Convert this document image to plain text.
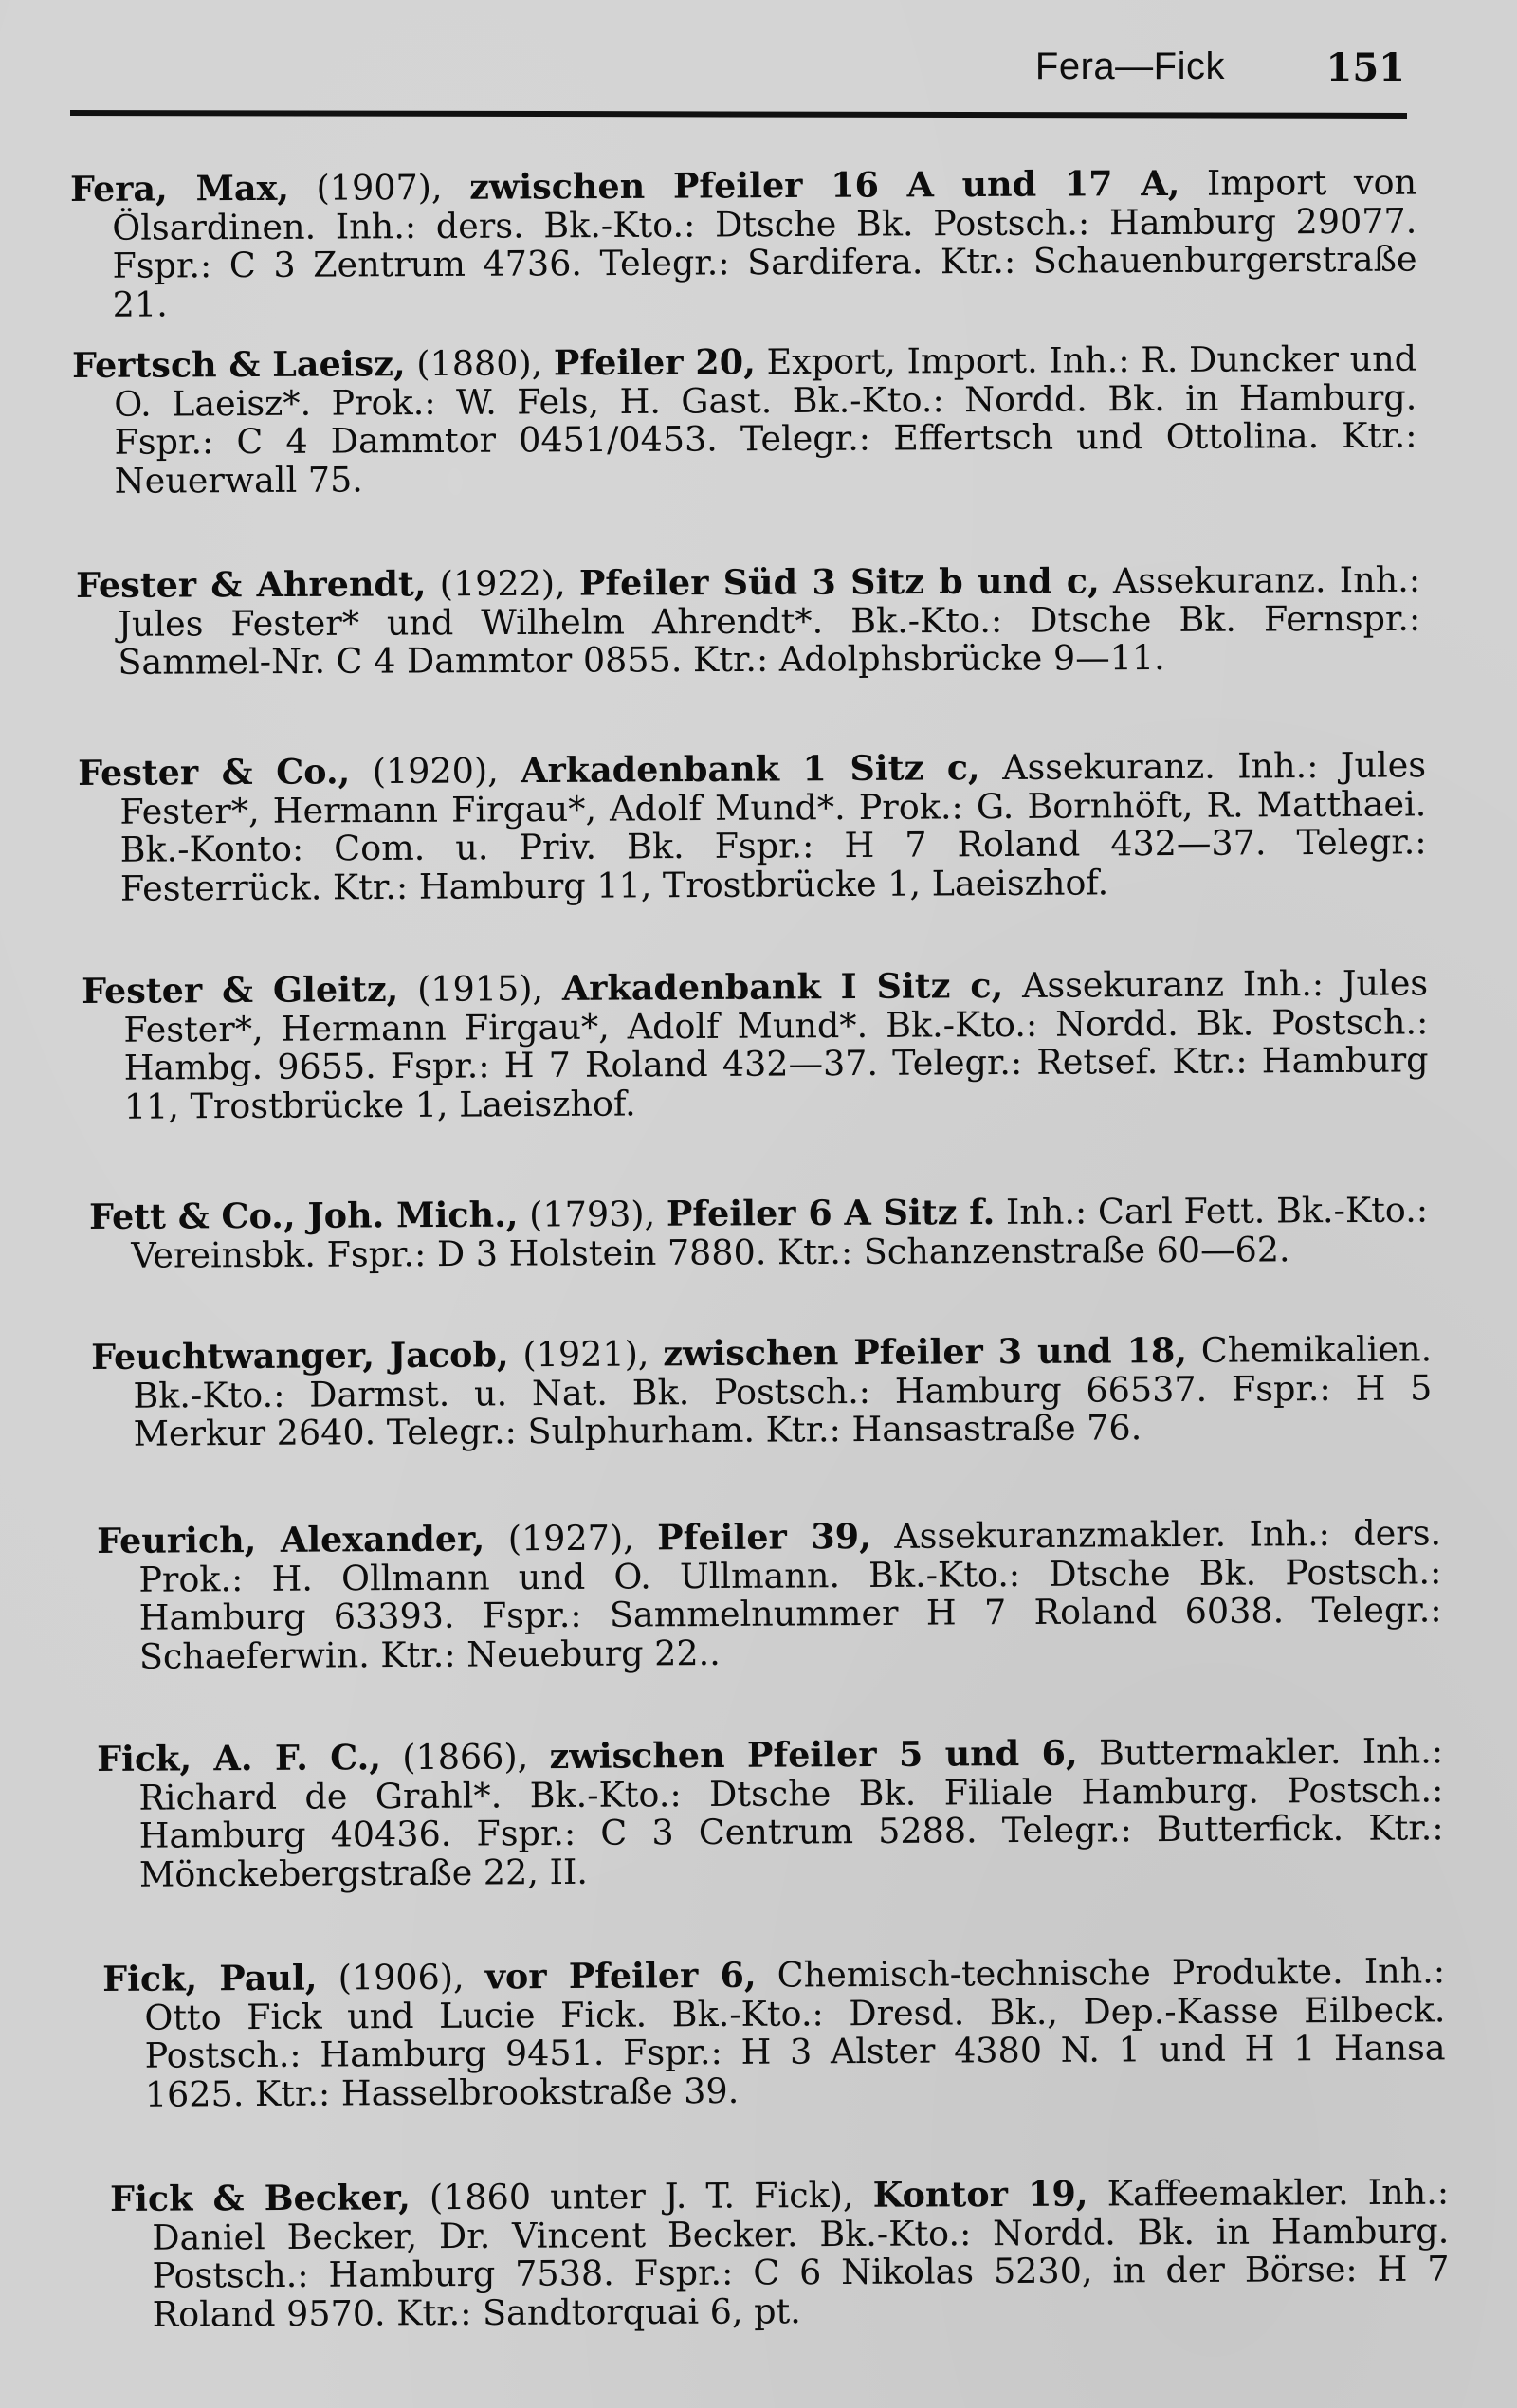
Fera—Fick	151
Fera, Max, (1907), zwischen Pfeiler 16 A und 17 A, Import von Ölsardinen. Inh.: ders. Bk.-Kto.: Dtsche Bk. Postsch.: Hamburg 29077. Fspr.: C 3 Zentrum 4736. Telegr.: Sardifera. Ktr.: Schauenburgerstraße 21.
Fertsch & Laeisz, (1880), Pfeiler 20, Export, Import. Inh.: R. Duncker und O. Laeisz*. Prok.: W. Fels, H. Gast. Bk.-Kto.: Nordd. Bk. in Hamburg. Fspr.: C 4 Dammtor 0451/0453. Telegr.: Effertsch und Ottolina. Ktr.: Neuerwall 75.
Fester & Ahrendt, (1922), Pfeiler Süd 3 Sitz b und c, Assekuranz. Inh.: Jules Fester* und Wilhelm Ahrendt*. Bk.-Kto.: Dtsche Bk. Fernspr.: Sammel-Nr. C 4 Dammtor 0855. Ktr.: Adolphsbrücke 9—11.
Fester & Co., (1920), Arkadenbank 1 Sitz c, Assekuranz. Inh.: Jules Fester*, Hermann Firgau*, Adolf Mund*. Prok.: G. Bornhöft, R. Matthaei. Bk.-Konto: Com. u. Priv. Bk. Fspr.: H 7 Roland 432—37. Telegr.: Festerrück. Ktr.: Hamburg 11, Trostbrücke 1, Laeiszhof.
Fester & Gleitz, (1915), Arkadenbank I Sitz c, Assekuranz Inh.: Jules Fester*, Hermann Firgau*, Adolf Mund*. Bk.-Kto.: Nordd. Bk. Postsch.: Hambg. 9655. Fspr.: H 7 Roland 432—37. Telegr.: Retsef. Ktr.: Hamburg 11, Trostbrücke 1, Laeiszhof.
Fett & Co., Joh. Mich., (1793), Pfeiler 6 A Sitz f. Inh.: Carl Fett. Bk.-Kto.: Vereinsbk. Fspr.: D 3 Holstein 7880. Ktr.: Schanzenstraße 60—62.
Feuchtwanger, Jacob, (1921), zwischen Pfeiler 3 und 18, Chemikalien. Bk.-Kto.: Darmst. u. Nat. Bk. Postsch.: Hamburg 66537. Fspr.: H 5 Merkur 2640. Telegr.: Sulphurham. Ktr.: Hansastraße 76.
Feurich, Alexander, (1927), Pfeiler 39, Assekuranzmakler. Inh.: ders. Prok.: H. Ollmann und O. Ullmann. Bk.-Kto.: Dtsche Bk. Postsch.: Hamburg 63393. Fspr.: Sammelnummer H 7 Roland 6038. Telegr.: Schaeferwin. Ktr.: Neueburg 22..
Fick, A. F. C., (1866), zwischen Pfeiler 5 und 6, Buttermakler. Inh.: Richard de Grahl*. Bk.-Kto.: Dtsche Bk. Filiale Hamburg. Postsch.: Hamburg 40436. Fspr.: C 3 Centrum 5288. Telegr.: Butterfick. Ktr.: Mönckebergstraße 22, II.
Fick, Paul, (1906), vor Pfeiler 6, Chemisch-technische Produkte. Inh.: Otto Fick und Lucie Fick. Bk.-Kto.: Dresd. Bk., Dep.-Kasse Eilbeck. Postsch.: Hamburg 9451. Fspr.: H 3 Alster 4380 N. 1 und H 1 Hansa 1625. Ktr.: Hasselbrookstraße 39.
Fick & Becker, (1860 unter J. T. Fick), Kontor 19, Kaffeemakler. Inh.: Daniel Becker, Dr. Vincent Becker. Bk.-Kto.: Nordd. Bk. in Hamburg. Postsch.: Hamburg 7538. Fspr.: C 6 Nikolas 5230, in der Börse: H 7 Roland 9570. Ktr.: Sandtorquai 6, pt.
